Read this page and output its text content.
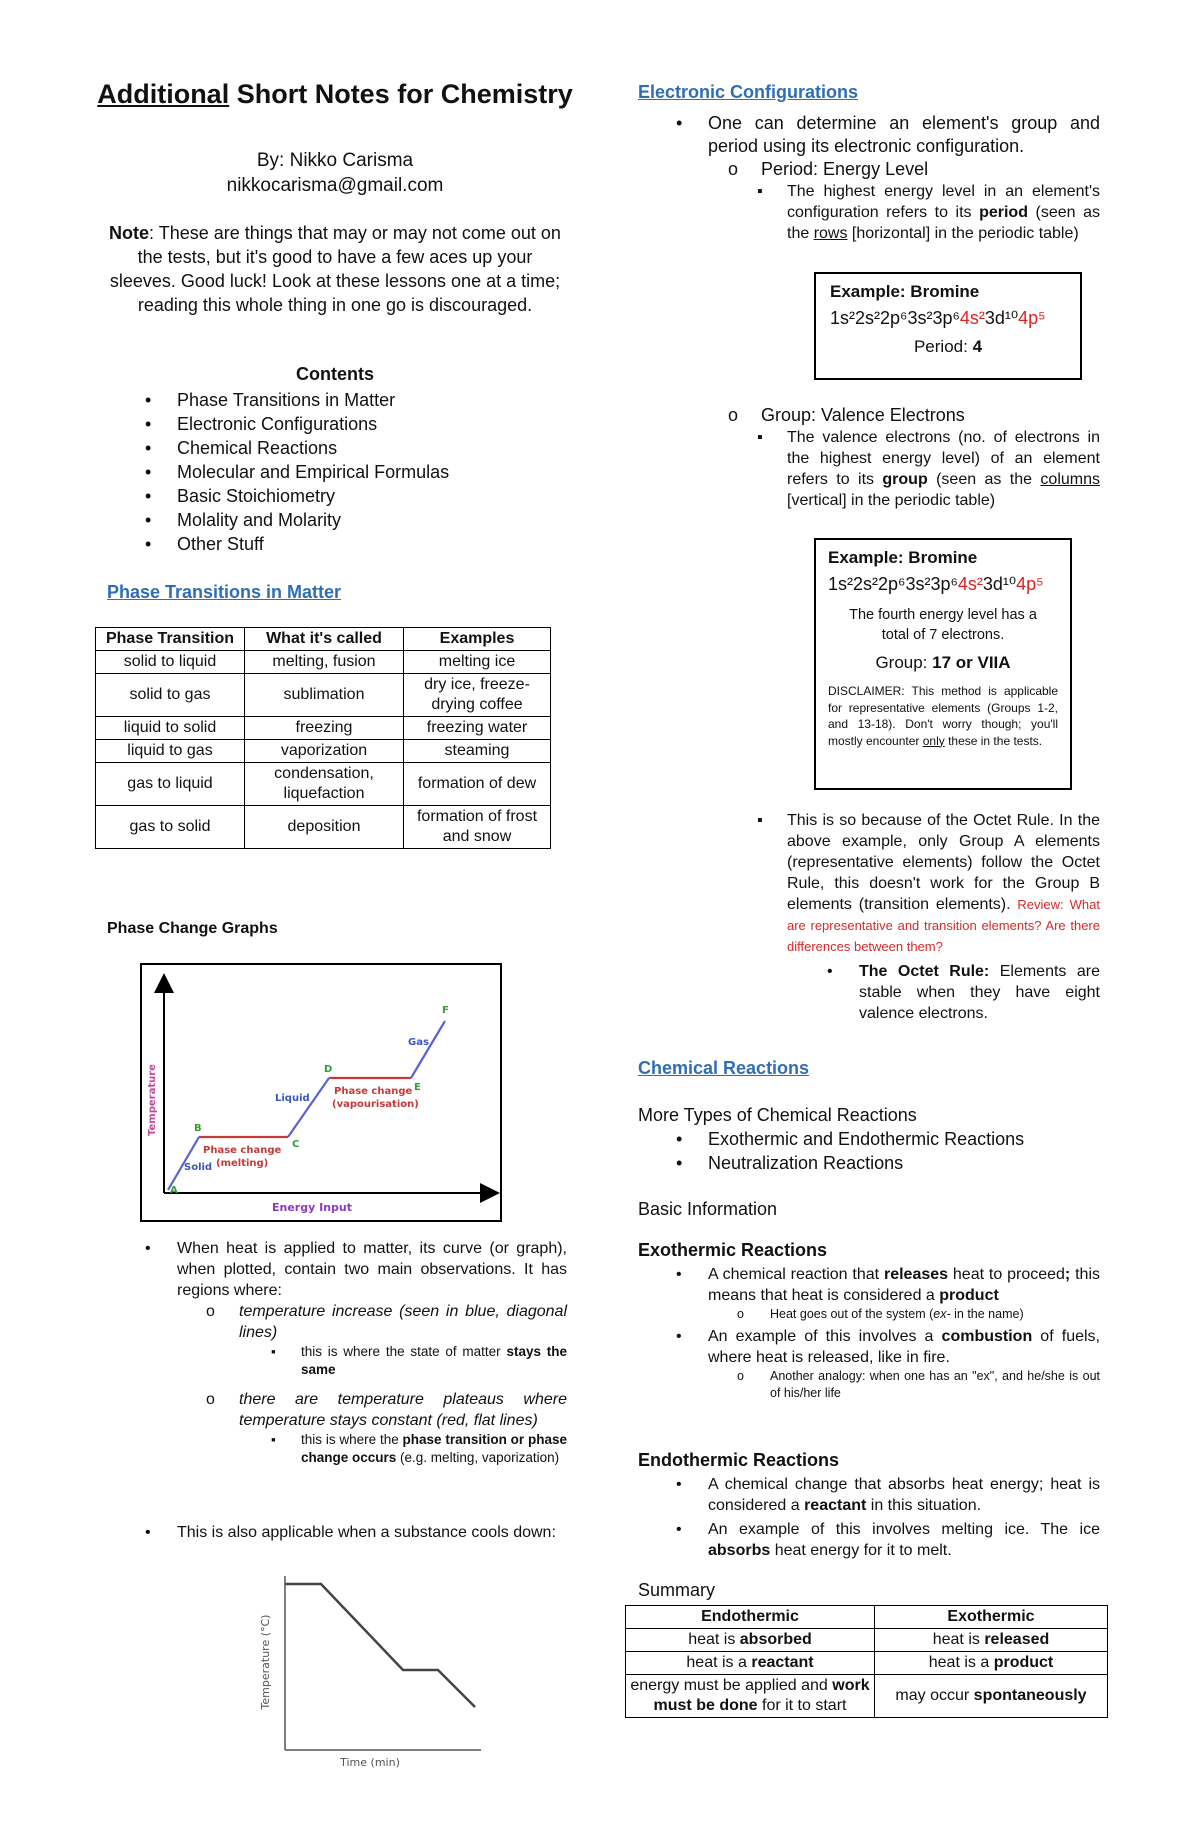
Additional Short Notes for Chemistry

By: Nikko Carisma

nikkocarisma@gmail.com

Note: These are things that may or may not come out on the tests, but it's good to have a few aces up your sleeves. Good luck! Look at these lessons one at a time; reading this whole thing in one go is discouraged.
Contents
• Phase Transitions in Matter
• Electronic Configurations
• Chemical Reactions
• Molecular and Empirical Formulas
• Basic Stoichiometry
• Molality and Molarity
• Other Stuff
Phase Transitions in Matter
Phase Transition	What it's called	Examples
solid to liquid	melting, fusion	melting ice
solid to gas	sublimation	dry ice, freeze-drying coffee
liquid to solid	freezing	freezing water
liquid to gas	vaporization	steaming
gas to liquid	condensation, liquefaction	formation of dew
gas to solid	deposition	formation of frost and snow
Phase Change Graphs
Temperature
Energy Input
A
B
C
D
E
F
Solid
Liquid
Gas
Phase change
(melting)
Phase change
(vapourisation)
• When heat is applied to matter, its curve (or graph), when plotted, contain two main observations. It has regions where:
o temperature increase (seen in blue, diagonal lines)
▪ this is where the state of matter stays the same
o there are temperature plateaus where temperature stays constant (red, flat lines)
▪ this is where the phase transition or phase change occurs (e.g. melting, vaporization)
• This is also applicable when a substance cools down:
Temperature (°C)
Time (min)
Electronic Configurations
• One can determine an element's group and period using its electronic configuration.
o Period: Energy Level
▪ The highest energy level in an element's configuration refers to its period (seen as the rows [horizontal] in the periodic table)
Example: Bromine
1s²2s²2p⁶3s²3p⁶4s²3d¹⁰4p⁵
Period: 4
o Group: Valence Electrons
▪ The valence electrons (no. of electrons in the highest energy level) of an element refers to its group (seen as the columns [vertical] in the periodic table)
Example: Bromine
1s²2s²2p⁶3s²3p⁶4s²3d¹⁰4p⁵
The fourth energy level has a total of 7 electrons.
Group: 17 or VIIA
DISCLAIMER: This method is applicable for representative elements (Groups 1-2, and 13-18). Don't worry though; you'll mostly encounter only these in the tests.
▪ This is so because of the Octet Rule. In the above example, only Group A elements (representative elements) follow the Octet Rule, this doesn't work for the Group B elements (transition elements). Review: What are representative and transition elements? Are there differences between them?
• The Octet Rule: Elements are stable when they have eight valence electrons.
Chemical Reactions
More Types of Chemical Reactions
• Exothermic and Endothermic Reactions
• Neutralization Reactions
Basic Information
Exothermic Reactions
• A chemical reaction that releases heat to proceed; this means that heat is considered a product
o Heat goes out of the system (ex- in the name)
• An example of this involves a combustion of fuels, where heat is released, like in fire.
o Another analogy: when one has an "ex", and he/she is out of his/her life
Endothermic Reactions
• A chemical change that absorbs heat energy; heat is considered a reactant in this situation.
• An example of this involves melting ice. The ice absorbs heat energy for it to melt.
Summary
Endothermic	Exothermic
heat is absorbed	heat is released
heat is a reactant	heat is a product
energy must be applied and work must be done for it to start	may occur spontaneously
